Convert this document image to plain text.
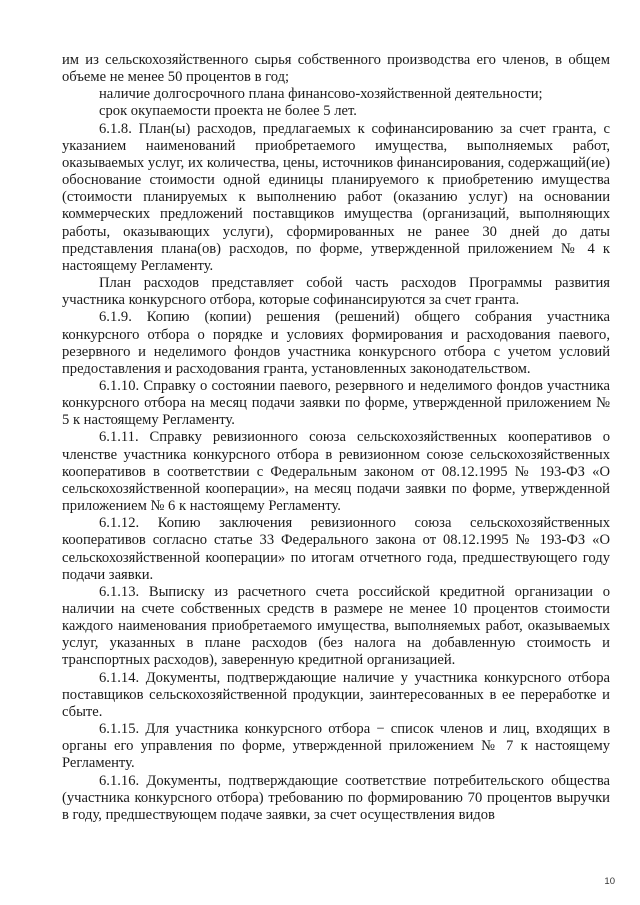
им из сельскохозяйственного сырья собственного производства его членов, в общем объеме не менее 50 процентов в год;

наличие долгосрочного плана финансово-хозяйственной деятельности;

срок окупаемости проекта не более 5 лет.

6.1.8. План(ы) расходов, предлагаемых к софинансированию за счет гранта, с указанием наименований приобретаемого имущества, выполняемых работ, оказываемых услуг, их количества, цены, источников финансирования, содержащий(ие) обоснование стоимости одной единицы планируемого к приобретению имущества (стоимости планируемых к выполнению работ (оказанию услуг) на основании коммерческих предложений поставщиков имущества (организаций, выполняющих работы, оказывающих услуги), сформированных не ранее 30 дней до даты представления плана(ов) расходов, по форме, утвержденной приложением № 4 к настоящему Регламенту.

План расходов представляет собой часть расходов Программы развития участника конкурсного отбора, которые софинансируются за счет гранта.

6.1.9. Копию (копии) решения (решений) общего собрания участника конкурсного отбора о порядке и условиях формирования и расходования паевого, резервного и неделимого фондов участника конкурсного отбора с учетом условий предоставления и расходования гранта, установленных законодательством.

6.1.10. Справку о состоянии паевого, резервного и неделимого фондов участника конкурсного отбора на месяц подачи заявки по форме, утвержденной приложением № 5 к настоящему Регламенту.

6.1.11. Справку ревизионного союза сельскохозяйственных кооперативов о членстве участника конкурсного отбора в ревизионном союзе сельскохозяйственных кооперативов в соответствии с Федеральным законом от 08.12.1995 № 193-ФЗ «О сельскохозяйственной кооперации», на месяц подачи заявки по форме, утвержденной приложением № 6 к настоящему Регламенту.

6.1.12. Копию заключения ревизионного союза сельскохозяйственных кооперативов согласно статье 33 Федерального закона от 08.12.1995 № 193-ФЗ «О сельскохозяйственной кооперации» по итогам отчетного года, предшествующего году подачи заявки.

6.1.13. Выписку из расчетного счета российской кредитной организации о наличии на счете собственных средств в размере не менее 10 процентов стоимости каждого наименования приобретаемого имущества, выполняемых работ, оказываемых услуг, указанных в плане расходов (без налога на добавленную стоимость и транспортных расходов), заверенную кредитной организацией.

6.1.14. Документы, подтверждающие наличие у участника конкурсного отбора поставщиков сельскохозяйственной продукции, заинтересованных в ее переработке и сбыте.

6.1.15. Для участника конкурсного отбора − список членов и лиц, входящих в органы его управления по форме, утвержденной приложением № 7 к настоящему Регламенту.

6.1.16. Документы, подтверждающие соответствие потребительского общества (участника конкурсного отбора) требованию по формированию 70 процентов выручки в году, предшествующем подаче заявки, за счет осуществления видов

10
